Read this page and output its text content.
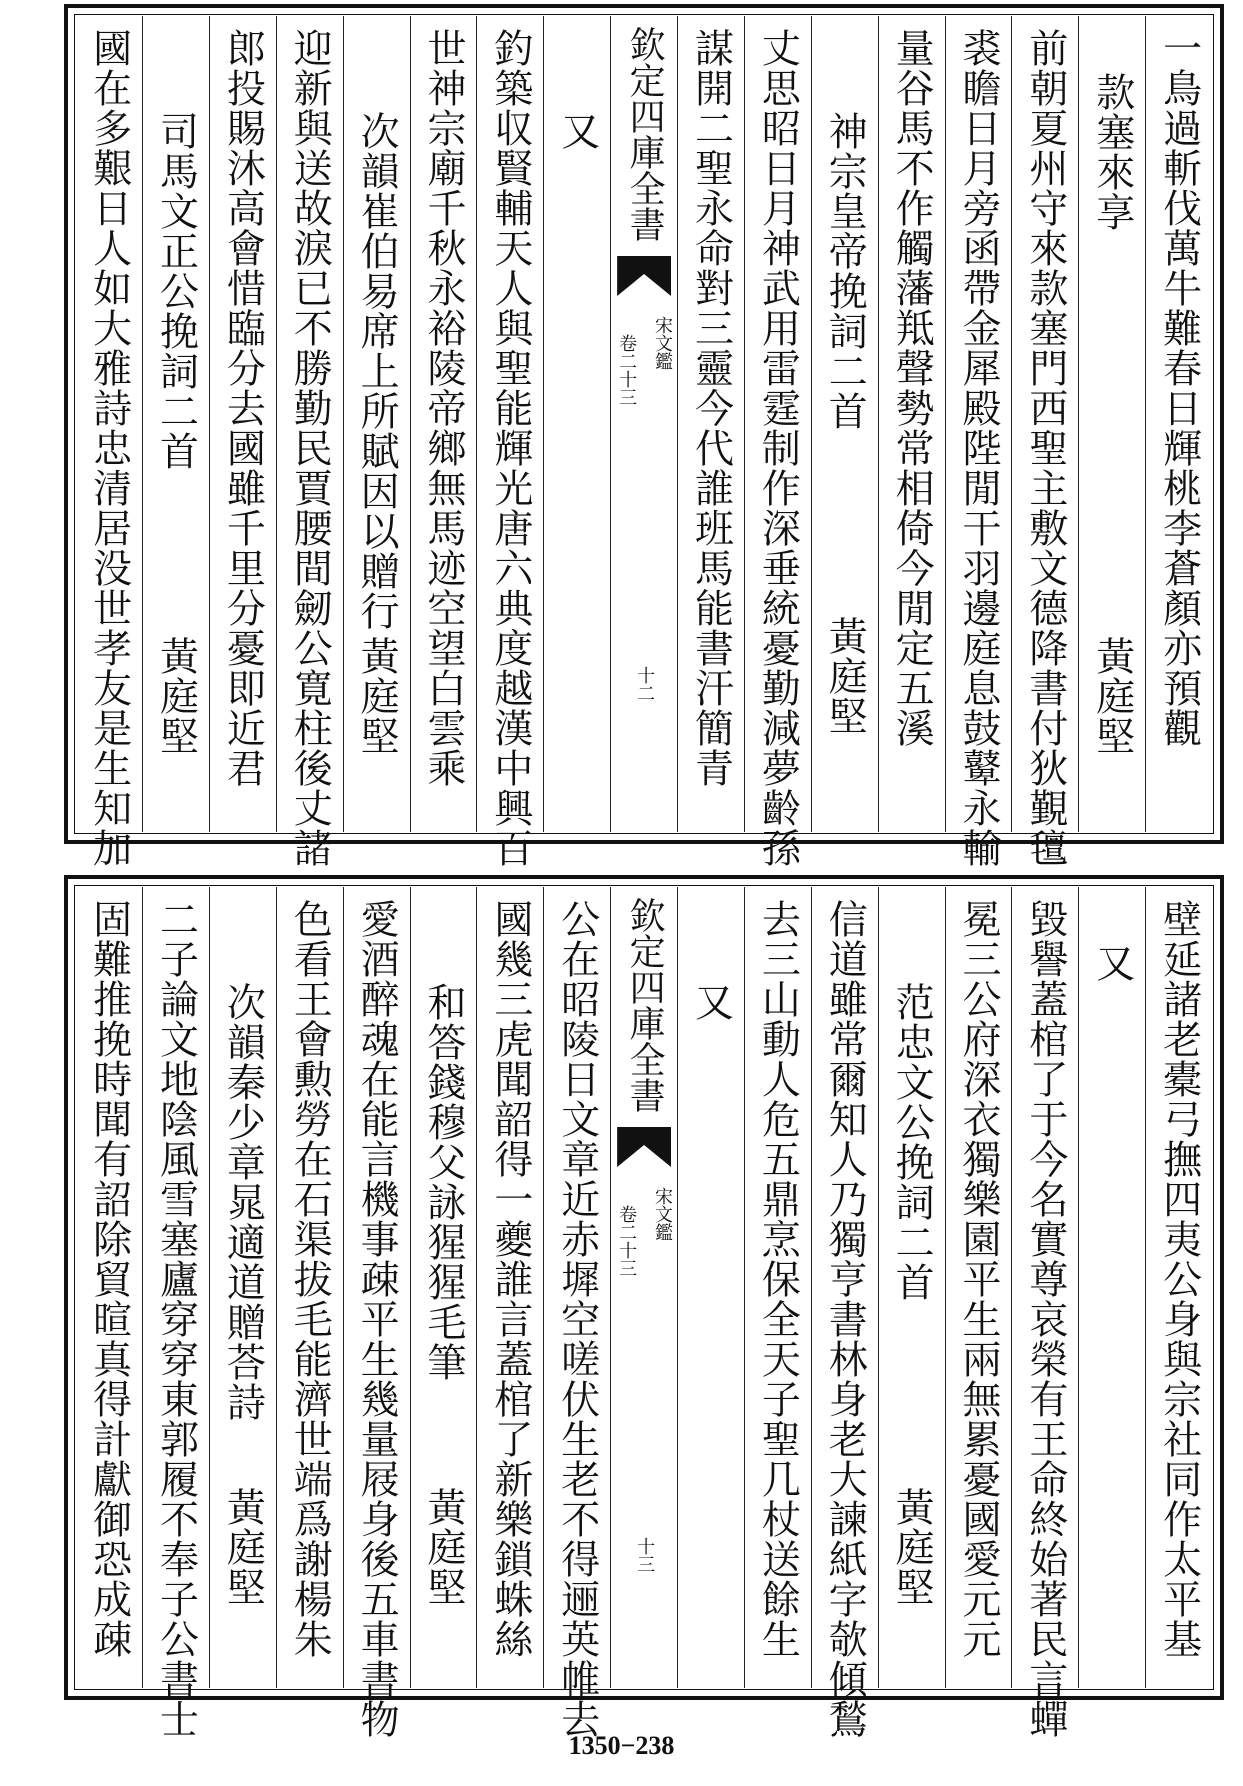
一鳥過斬伐萬牛難春日輝桃李蒼顏亦預觀
款塞來享
黃庭堅
前朝夏州守來款塞門西聖主敷文德降書付狄覲氊
裘瞻日月旁函帶金犀殿陛閒干羽邊庭息鼓鼙永輸
量谷馬不作觸藩羝聲勢常相倚今閒定五溪
神宗皇帝挽詞二首
黃庭堅
丈思昭日月神武用雷霆制作深垂統憂勤減夢齡孫
謀開二聖永命對三靈今代誰班馬能書汗簡青
欽定四庫全書
宋文鑑
卷二十三
十二
又
釣築収賢輔天人與聖能輝光唐六典度越漢中興百
世神宗廟千秋永裕陵帝鄉無馬迹空望白雲乘
次韻崔伯易席上所賦因以贈行
黃庭堅
迎新與送故淚已不勝勤民賈腰間劒公寛柱後丈諸
郎投賜沐高會惜臨分去國雖千里分憂即近君
司馬文正公挽詞二首
黃庭堅
國在多艱日人如大雅詩忠清居没世孝友是生知加
壁延諸老橐弓撫四夷公身與宗社同作太平基
又
毀譽蓋棺了于今名實尊哀榮有王命終始著民言蟬
冕三公府深衣獨樂園平生兩無累憂國愛元元
范忠文公挽詞二首
黃庭堅
信道雖常爾知人乃獨亨書林身老大諫紙字欹傾鶖
去三山動人危五鼎烹保全天子聖几杖送餘生
又
欽定四庫全書
宋文鑑
卷二十三
十三
公在昭陵日文章近赤墀空嗟伏生老不得逦英帷去
國幾三虎聞韶得一夔誰言蓋棺了新樂鎖蛛絲
和答錢穆父詠猩猩毛筆
黃庭堅
愛酒醉魂在能言機事疎平生幾量屐身後五車書物
色看王會勲勞在石渠拔毛能濟世端爲謝楊朱
次韻秦少章晁適道贈荅詩
黃庭堅
二子論文地陰風雪塞廬穿穿東郭履不奉子公書士
固難推挽時聞有詔除貿暄真得計獻御恐成疎
1350−238
